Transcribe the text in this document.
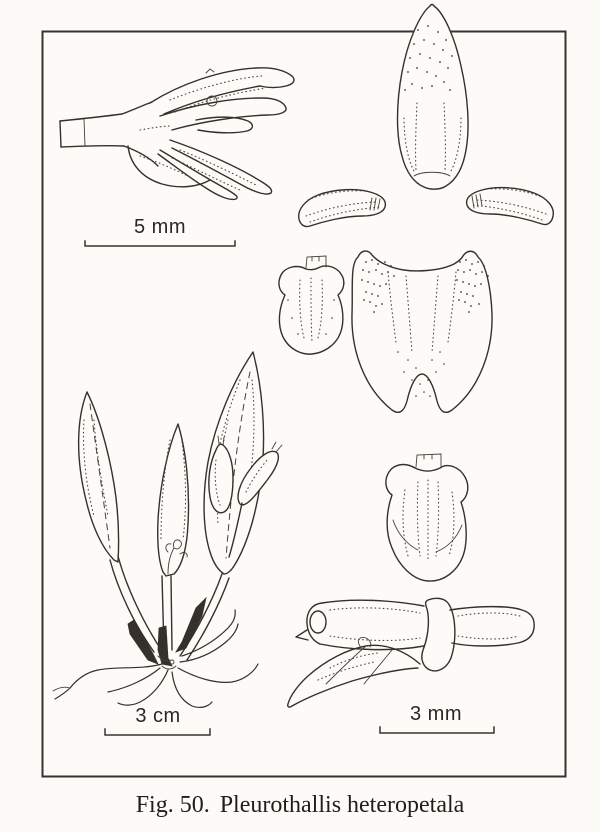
5 mm
3 cm	3 mm
Fig. 50. Pleurothallis heteropetala
